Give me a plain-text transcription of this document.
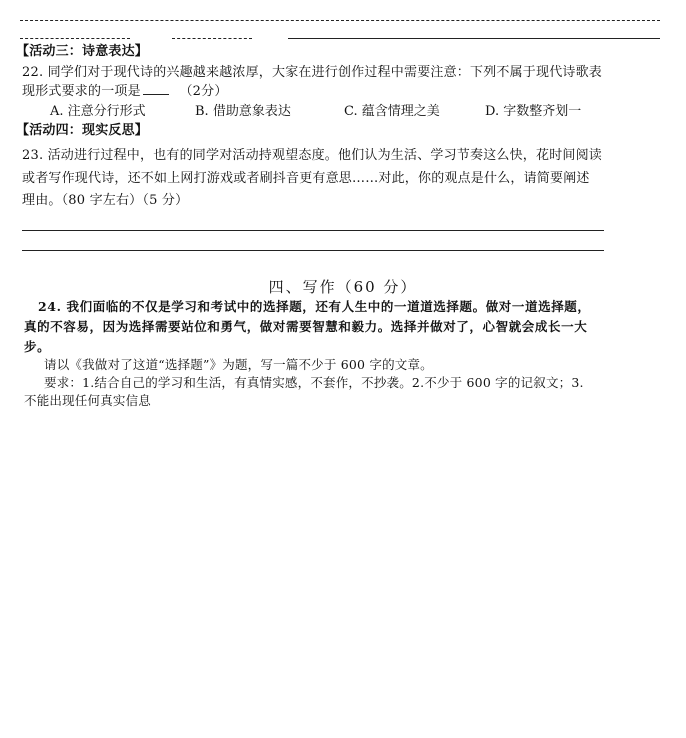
【活动三：诗意表达】
22. 同学们对于现代诗的兴趣越来越浓厚，大家在进行创作过程中需要注意：下列不属于现代诗歌表
现形式要求的一项是	（2分）
A. 注意分行形式	B. 借助意象表达	C. 蕴含情理之美	D. 字数整齐划一
【活动四：现实反思】
23. 活动进行过程中，也有的同学对活动持观望态度。他们认为生活、学习节奏这么快，花时间阅读
或者写作现代诗，还不如上网打游戏或者刷抖音更有意思……对此，你的观点是什么，请简要阐述
理由。（80 字左右）（5 分）
四、写作（60 分）
24. 我们面临的不仅是学习和考试中的选择题，还有人生中的一道道选择题。做对一道选择题，
真的不容易，因为选择需要站位和勇气，做对需要智慧和毅力。选择并做对了，心智就会成长一大
步。
请以《我做对了这道“选择题”》为题，写一篇不少于 600 字的文章。
要求：1.结合自己的学习和生活，有真情实感，不套作，不抄袭。2.不少于 600 字的记叙文；3.
不能出现任何真实信息
